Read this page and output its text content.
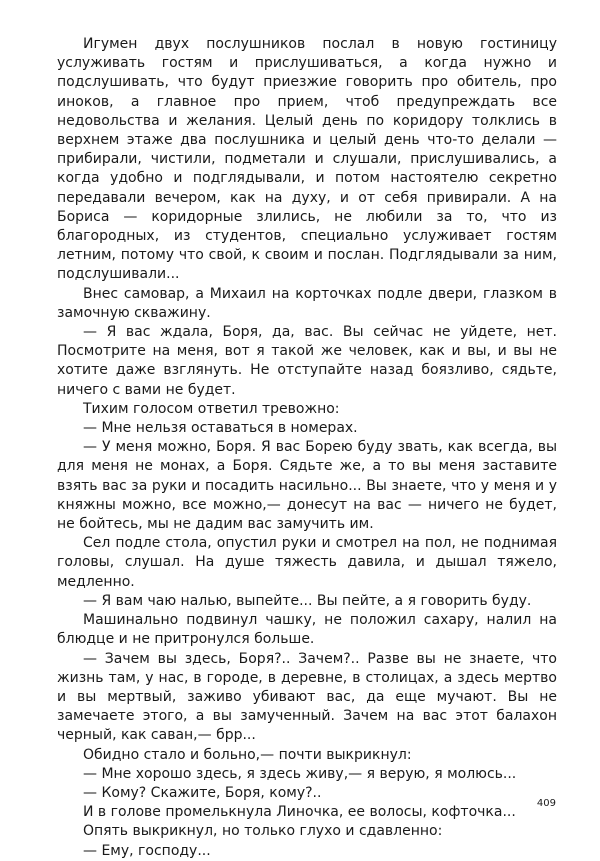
Игумен двух послушников послал в новую гостиницу услуживать гостям и прислушиваться, а когда нужно и подслушивать, что будут приезжие говорить про обитель, про иноков, а главное про прием, чтоб предупреждать все недовольства и желания. Целый день по коридору толклись в верхнем этаже два послушника и целый день что-то делали — прибирали, чистили, подметали и слушали, прислушивались, а когда удобно и подглядывали, и потом настоятелю секретно передавали вечером, как на духу, и от себя привирали. А на Бориса — коридорные злились, не любили за то, что из благородных, из студентов, специально услуживает гостям летним, потому что свой, к своим и послан. Подглядывали за ним, подслушивали...

Внес самовар, а Михаил на корточках подле двери, глазком в замочную скважину.

— Я вас ждала, Боря, да, вас. Вы сейчас не уйдете, нет. Посмотрите на меня, вот я такой же человек, как и вы, и вы не хотите даже взглянуть. Не отступайте назад боязливо, сядьте, ничего с вами не будет.

Тихим голосом ответил тревожно:

— Мне нельзя оставаться в номерах.

— У меня можно, Боря. Я вас Борею буду звать, как всегда, вы для меня не монах, а Боря. Сядьте же, а то вы меня заставите взять вас за руки и посадить насильно... Вы знаете, что у меня и у княжны можно, все можно,— донесут на вас — ничего не будет, не бойтесь, мы не дадим вас замучить им.

Сел подле стола, опустил руки и смотрел на пол, не поднимая головы, слушал. На душе тяжесть давила, и дышал тяжело, медленно.

— Я вам чаю налью, выпейте... Вы пейте, а я говорить буду.

Машинально подвинул чашку, не положил сахару, налил на блюдце и не притронулся больше.

— Зачем вы здесь, Боря?.. Зачем?.. Разве вы не знаете, что жизнь там, у нас, в городе, в деревне, в столицах, а здесь мертво и вы мертвый, заживо убивают вас, да еще мучают. Вы не замечаете этого, а вы замученный. Зачем на вас этот балахон черный, как саван,— брр...

Обидно стало и больно,— почти выкрикнул:

— Мне хорошо здесь, я здесь живу,— я верую, я молюсь...

— Кому? Скажите, Боря, кому?..

И в голове промелькнула Линочка, ее волосы, кофточка...

Опять выкрикнул, но только глухо и сдавленно:

— Ему, господу...

409
